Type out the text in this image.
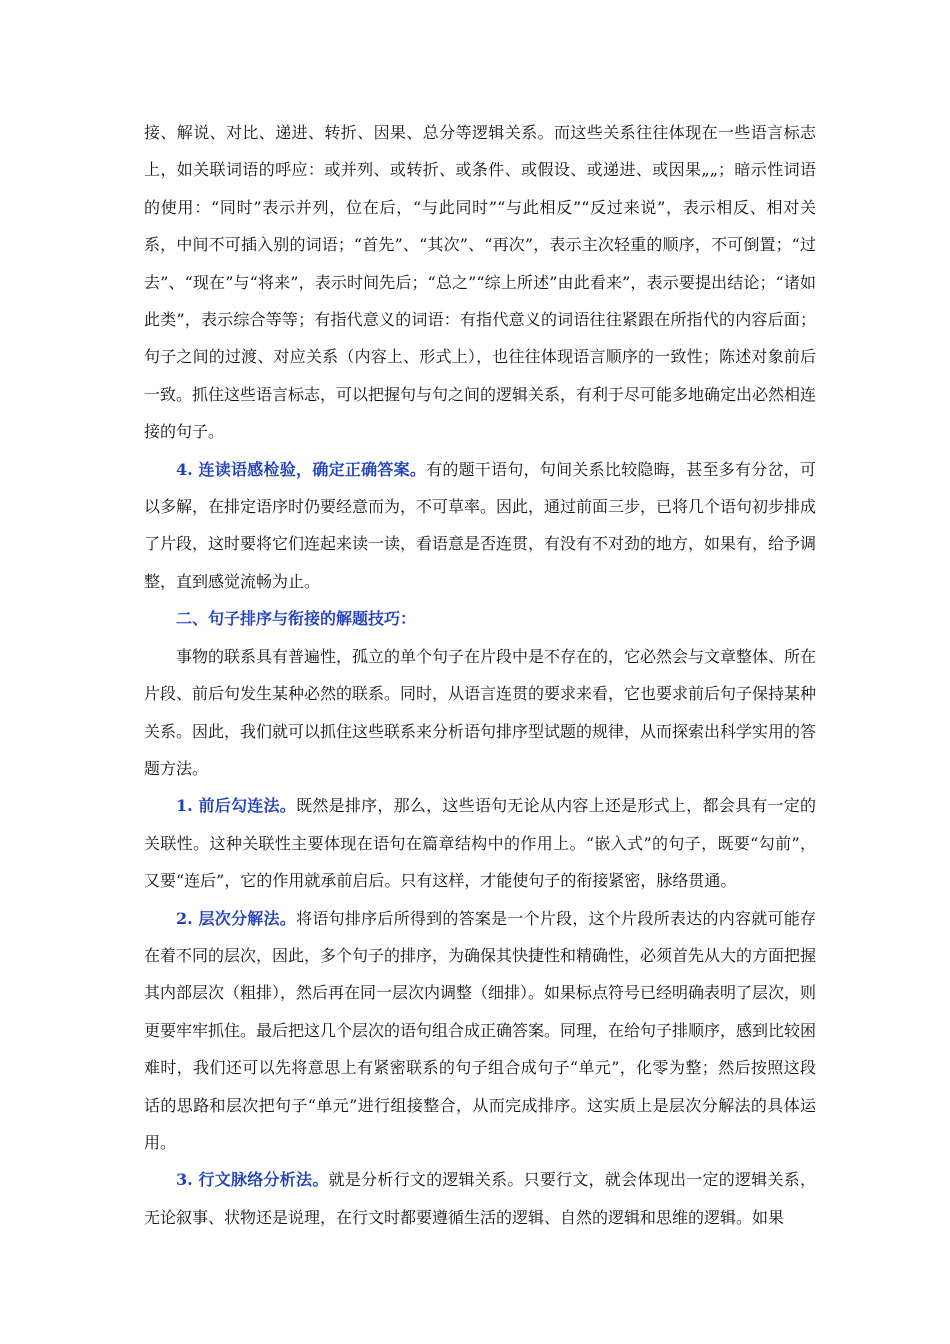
接、解说、对比、递进、转折、因果、总分等逻辑关系。而这些关系往往体现在一些语言标志上，如关联词语的呼应：或并列、或转折、或条件、或假设、或递进、或因果„„；暗示性词语的使用：“同时”表示并列，位在后，“与此同时”“与此相反”“反过来说”，表示相反、相对关系，中间不可插入别的词语；“首先”、“其次”、“再次”，表示主次轻重的顺序，不可倒置；“过去”、“现在”与“将来”，表示时间先后；“总之”“综上所述”由此看来”，表示要提出结论；“诸如此类”，表示综合等等；有指代意义的词语：有指代意义的词语往往紧跟在所指代的内容后面；句子之间的过渡、对应关系（内容上、形式上），也往往体现语言顺序的一致性；陈述对象前后一致。抓住这些语言标志，可以把握句与句之间的逻辑关系，有利于尽可能多地确定出必然相连接的句子。

4. 连读语感检验，确定正确答案。有的题干语句，句间关系比较隐晦，甚至多有分岔，可以多解，在排定语序时仍要经意而为，不可草率。因此，通过前面三步，已将几个语句初步排成了片段，这时要将它们连起来读一读，看语意是否连贯，有没有不对劲的地方，如果有，给予调整，直到感觉流畅为止。

二、句子排序与衔接的解题技巧：

事物的联系具有普遍性，孤立的单个句子在片段中是不存在的，它必然会与文章整体、所在片段、前后句发生某种必然的联系。同时，从语言连贯的要求来看，它也要求前后句子保持某种关系。因此，我们就可以抓住这些联系来分析语句排序型试题的规律，从而探索出科学实用的答题方法。

1. 前后勾连法。既然是排序，那么，这些语句无论从内容上还是形式上，都会具有一定的关联性。这种关联性主要体现在语句在篇章结构中的作用上。“嵌入式”的句子，既要“勾前”，又要“连后”，它的作用就承前启后。只有这样，才能使句子的衔接紧密，脉络贯通。

2. 层次分解法。将语句排序后所得到的答案是一个片段，这个片段所表达的内容就可能存在着不同的层次，因此，多个句子的排序，为确保其快捷性和精确性，必须首先从大的方面把握其内部层次（粗排），然后再在同一层次内调整（细排）。如果标点符号已经明确表明了层次，则更要牢牢抓住。最后把这几个层次的语句组合成正确答案。同理，在给句子排顺序，感到比较困难时，我们还可以先将意思上有紧密联系的句子组合成句子“单元”，化零为整；然后按照这段话的思路和层次把句子“单元”进行组接整合，从而完成排序。这实质上是层次分解法的具体运用。

3. 行文脉络分析法。就是分析行文的逻辑关系。只要行文，就会体现出一定的逻辑关系，无论叙事、状物还是说理，在行文时都要遵循生活的逻辑、自然的逻辑和思维的逻辑。如果
